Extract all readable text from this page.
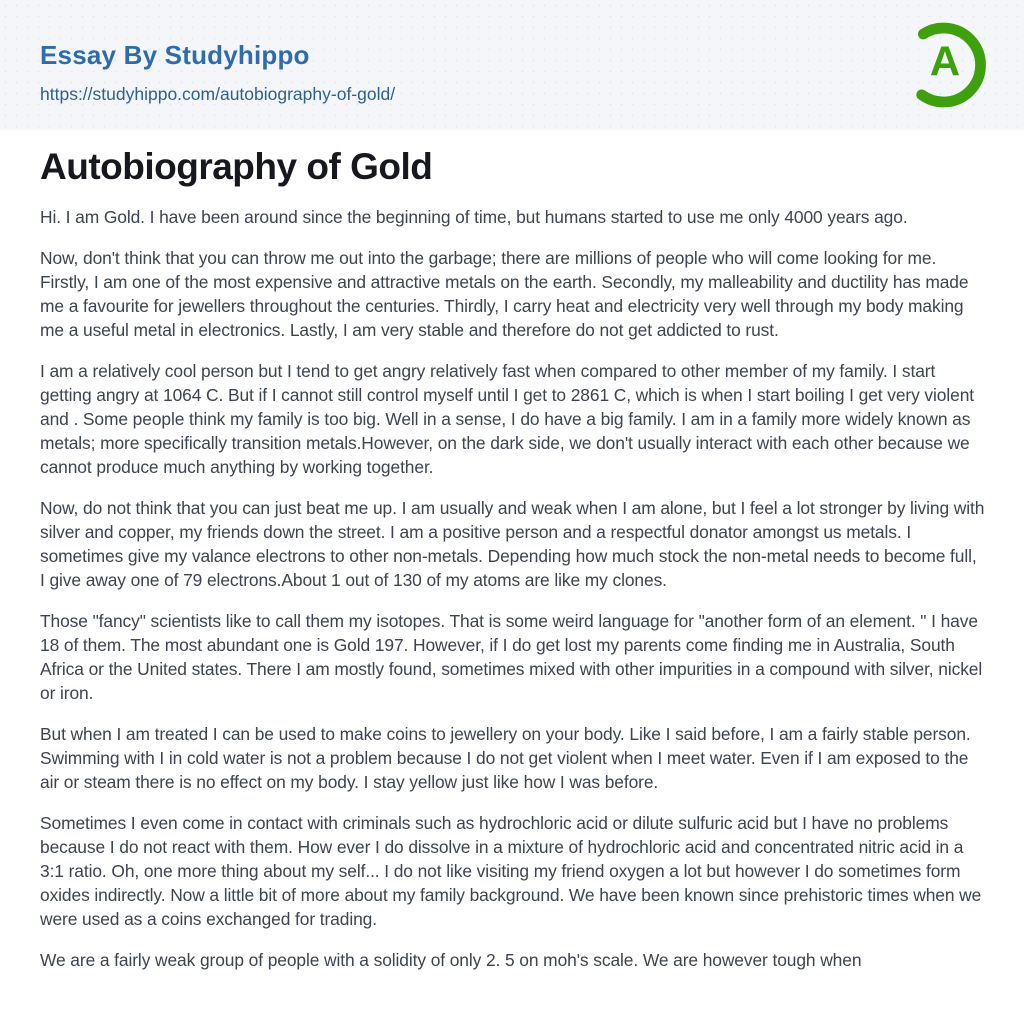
Essay By Studyhippo
https://studyhippo.com/autobiography-of-gold/
A
Autobiography of Gold

Hi. I am Gold. I have been around since the beginning of time, but humans started to use me only 4000 years ago.

Now, don't think that you can throw me out into the garbage; there are millions of people who will come looking for me. Firstly, I am one of the most expensive and attractive metals on the earth. Secondly, my malleability and ductility has made me a favourite for jewellers throughout the centuries. Thirdly, I carry heat and electricity very well through my body making me a useful metal in electronics. Lastly, I am very stable and therefore do not get addicted to rust.

I am a relatively cool person but I tend to get angry relatively fast when compared to other member of my family. I start getting angry at 1064 C. But if I cannot still control myself until I get to 2861 C, which is when I start boiling I get very violent and . Some people think my family is too big. Well in a sense, I do have a big family. I am in a family more widely known as metals; more specifically transition metals.However, on the dark side, we don't usually interact with each other because we cannot produce much anything by working together.

Now, do not think that you can just beat me up. I am usually and weak when I am alone, but I feel a lot stronger by living with silver and copper, my friends down the street. I am a positive person and a respectful donator amongst us metals. I sometimes give my valance electrons to other non-metals. Depending how much stock the non-metal needs to become full, I give away one of 79 electrons.About 1 out of 130 of my atoms are like my clones.

Those "fancy" scientists like to call them my isotopes. That is some weird language for "another form of an element. " I have 18 of them. The most abundant one is Gold 197. However, if I do get lost my parents come finding me in Australia, South Africa or the United states. There I am mostly found, sometimes mixed with other impurities in a compound with silver, nickel or iron.

But when I am treated I can be used to make coins to jewellery on your body. Like I said before, I am a fairly stable person. Swimming with I in cold water is not a problem because I do not get violent when I meet water. Even if I am exposed to the air or steam there is no effect on my body. I stay yellow just like how I was before.

Sometimes I even come in contact with criminals such as hydrochloric acid or dilute sulfuric acid but I have no problems because I do not react with them. How ever I do dissolve in a mixture of hydrochloric acid and concentrated nitric acid in a 3:1 ratio. Oh, one more thing about my self... I do not like visiting my friend oxygen a lot but however I do sometimes form oxides indirectly. Now a little bit of more about my family background. We have been known since prehistoric times when we were used as a coins exchanged for trading.

We are a fairly weak group of people with a solidity of only 2. 5 on moh's scale. We are however tough when
